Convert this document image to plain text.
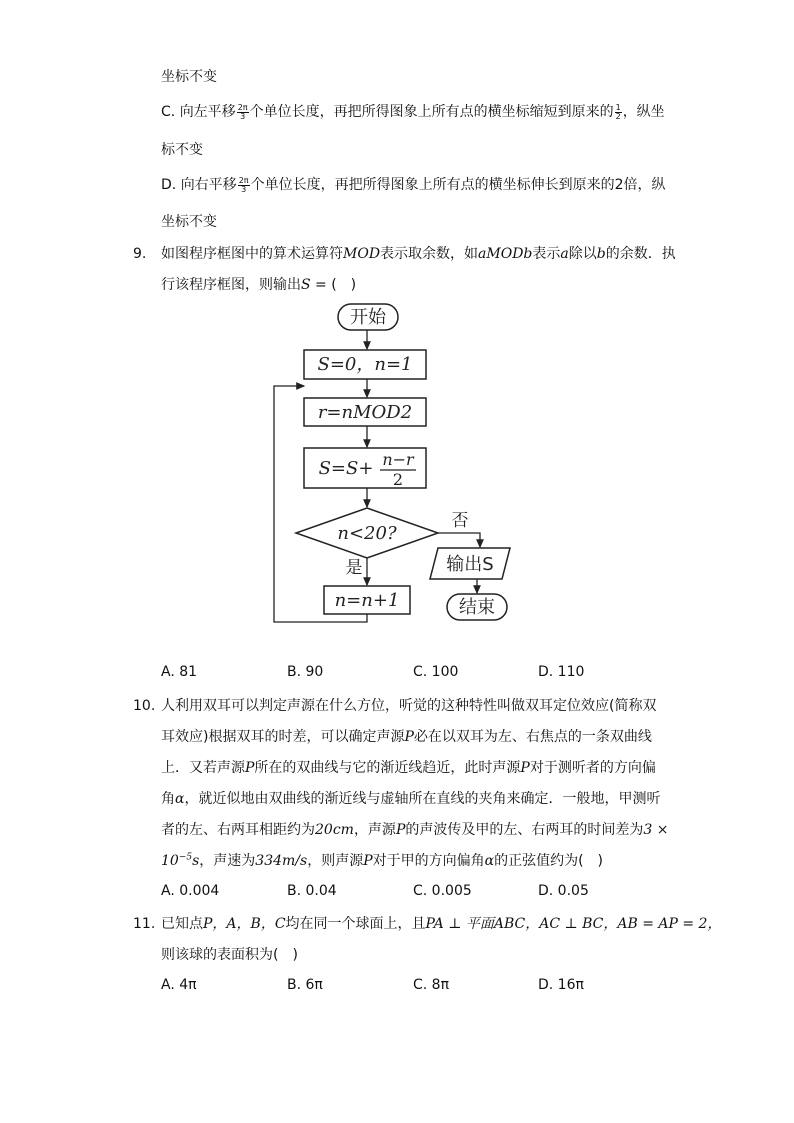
坐标不变
C. 向左平移 $\frac{2\pi}{3}$ 个单位长度，再把所得图象上所有点的横坐标缩短到原来的 $\frac{1}{2}$ ，纵坐
标不变
D. 向右平移 $\frac{2\pi}{3}$ 个单位长度，再把所得图象上所有点的横坐标伸长到原来的2倍，纵
坐标不变
9. 如图程序框图中的算术运算符MOD表示取余数，如aMODb表示a除以b的余数．执
行该程序框图，则输出S = (　)
开始
S=0，n=1
r=nMOD2
S=S+ n−r
2
n<20?
否
是	输出S
n=n+1	结束
A. 81	B. 90	C. 100	D. 110
10. 人利用双耳可以判定声源在什么方位，听觉的这种特性叫做双耳定位效应(简称双
耳效应)根据双耳的时差，可以确定声源P必在以双耳为左、右焦点的一条双曲线
上．又若声源P所在的双曲线与它的渐近线趋近，此时声源P对于测听者的方向偏
角α，就近似地由双曲线的渐近线与虚轴所在直线的夹角来确定．一般地，甲测听
者的左、右两耳相距约为20cm，声源P的声波传及甲的左、右两耳的时间差为3 ×
$10^{-5}s$，声速为334m/s，则声源P对于甲的方向偏角α的正弦值约为(　)
A. 0.004	B. 0.04	C. 0.005	D. 0.05
11. 已知点P，A，B，C均在同一个球面上，且PA ⊥ 平面ABC，AC ⊥ BC，AB = AP = 2，
则该球的表面积为(　)
A. 4π	B. 6π	C. 8π	D. 16π
